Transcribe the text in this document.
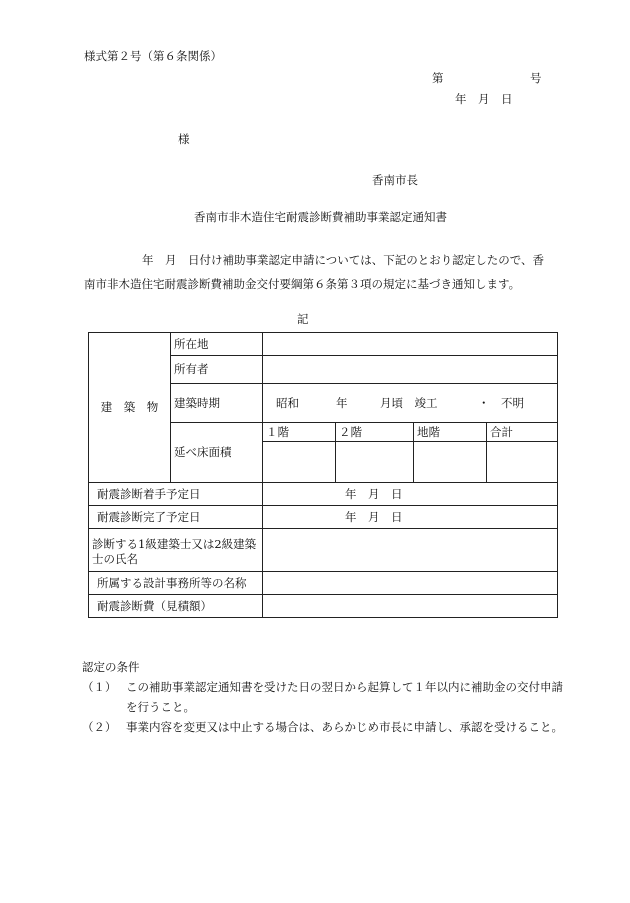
様式第２号（第６条関係）
第	号
年　月　日
様
香南市長
香南市非木造住宅耐震診断費補助事業認定通知書
年　月　日付け補助事業認定申請については、下記のとおり認定したので、香
南市非木造住宅耐震診断費補助金交付要綱第６条第３項の規定に基づき通知します。
記
建　築　物	所在地				
	所有者				
	建築時期	昭和 年 月頃　竣工 ・　不明			
	延べ床面積	１階	２階	地階	合計

耐震診断着手予定日		年　月　日			
耐震診断完了予定日		年　月　日			
診断する1級建築士又は2級建築士の氏名					
所属する設計事務所等の名称					
耐震診断費（見積額）					
認定の条件
（１） この補助事業認定通知書を受けた日の翌日から起算して１年以内に補助金の交付申請を行うこと。
（２） 事業内容を変更又は中止する場合は、あらかじめ市長に申請し、承認を受けること。
